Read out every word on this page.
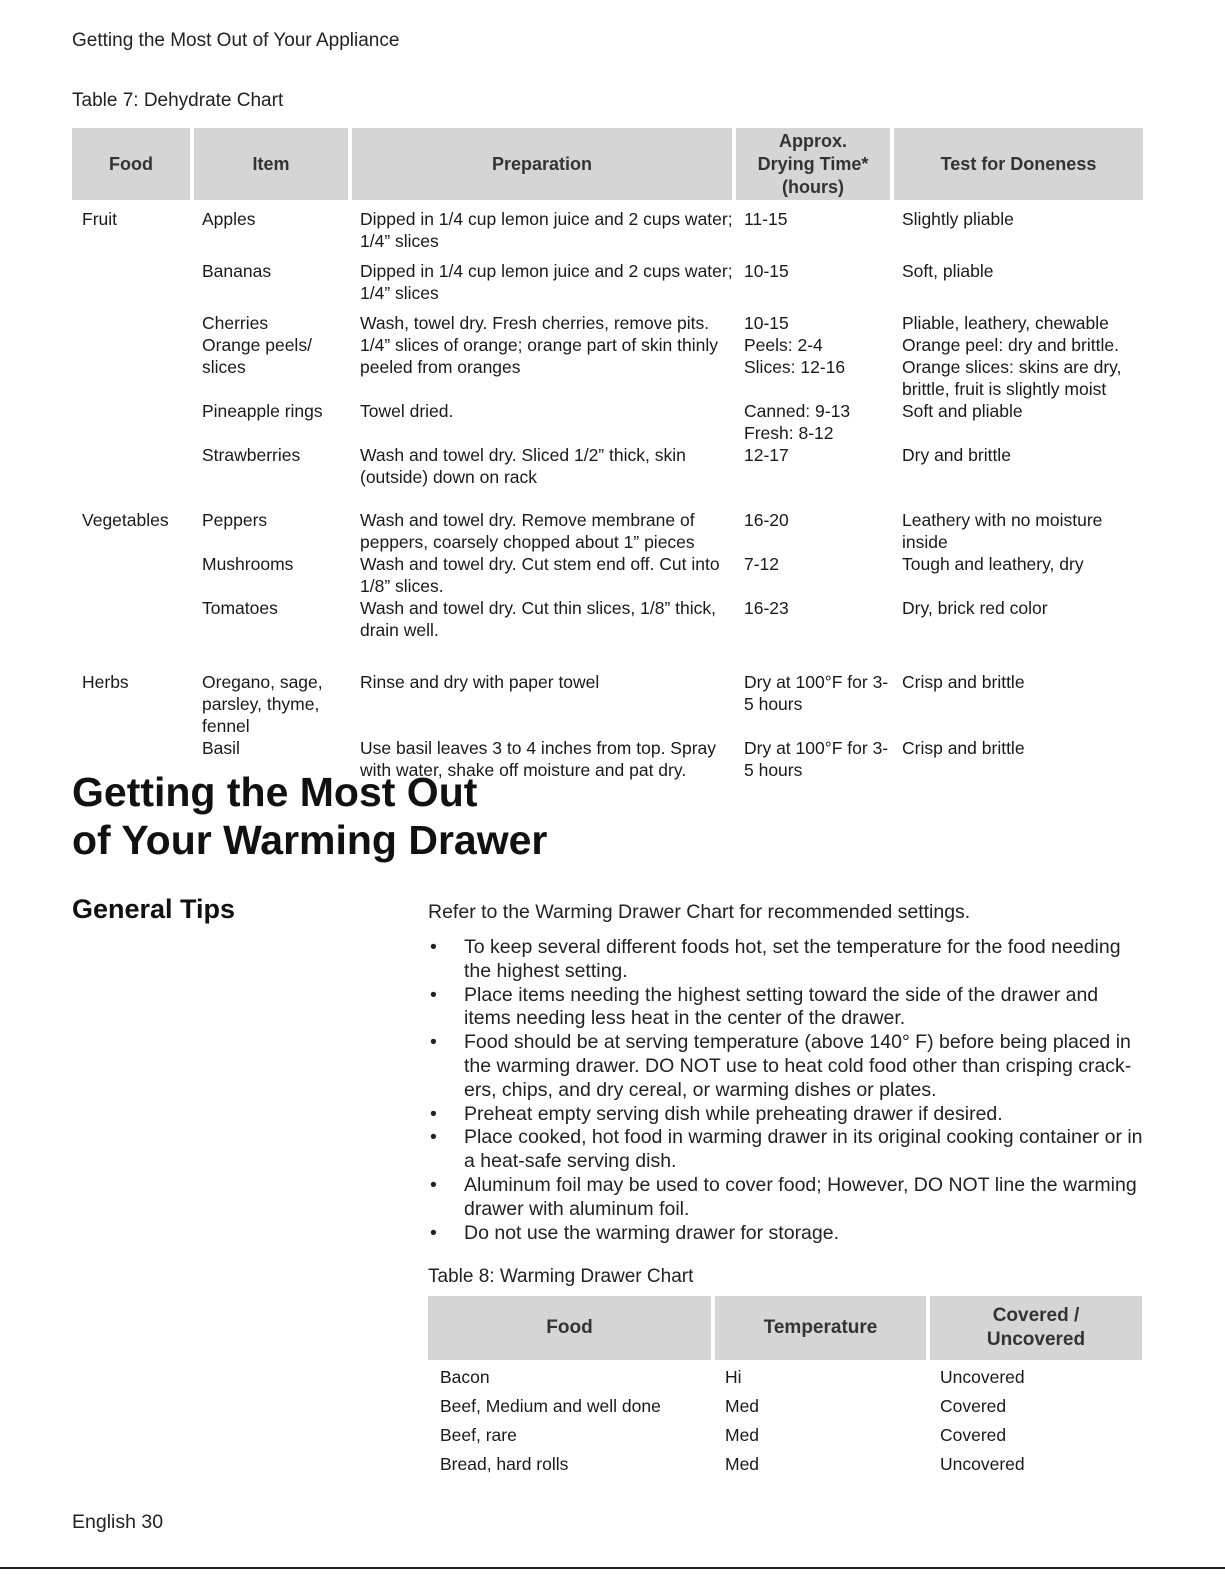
Getting the Most Out of Your Appliance
Table 7: Dehydrate Chart
Food	Item	Preparation	Approx. Drying Time* (hours)	Test for Doneness
Fruit	Apples	Dipped in 1/4 cup lemon juice and 2 cups water; 1/4” slices	11-15	Slightly pliable
	Bananas	Dipped in 1/4 cup lemon juice and 2 cups water; 1/4” slices	10-15	Soft, pliable
	Cherries	Wash, towel dry. Fresh cherries, remove pits.	10-15	Pliable, leathery, chewable
	Orange peels/ slices	1/4” slices of orange; orange part of skin thinly peeled from oranges	Peels: 2-4 Slices: 12-16	Orange peel: dry and brittle. Orange slices: skins are dry, brittle, fruit is slightly moist
	Pineapple rings	Towel dried.	Canned: 9-13 Fresh: 8-12	Soft and pliable
	Strawberries	Wash and towel dry. Sliced 1/2” thick, skin (outside) down on rack	12-17	Dry and brittle
Vegetables	Peppers	Wash and towel dry. Remove membrane of peppers, coarsely chopped about 1” pieces	16-20	Leathery with no moisture inside
	Mushrooms	Wash and towel dry. Cut stem end off. Cut into 1/8” slices.	7-12	Tough and leathery, dry
	Tomatoes	Wash and towel dry. Cut thin slices, 1/8” thick, drain well.	16-23	Dry, brick red color
Herbs	Oregano, sage, parsley, thyme, fennel	Rinse and dry with paper towel	Dry at 100°F for 3-5 hours	Crisp and brittle
	Basil	Use basil leaves 3 to 4 inches from top. Spray with water, shake off moisture and pat dry.	Dry at 100°F for 3-5 hours	Crisp and brittle
Getting the Most Out
of Your Warming Drawer
General Tips	Refer to the Warming Drawer Chart for recommended settings.
• To keep several different foods hot, set the temperature for the food needing the highest setting.
• Place items needing the highest setting toward the side of the drawer and items needing less heat in the center of the drawer.
• Food should be at serving temperature (above 140° F) before being placed in the warming drawer. DO NOT use to heat cold food other than crisping crack-ers, chips, and dry cereal, or warming dishes or plates.
• Preheat empty serving dish while preheating drawer if desired.
• Place cooked, hot food in warming drawer in its original cooking container or in a heat-safe serving dish.
• Aluminum foil may be used to cover food; However, DO NOT line the warming drawer with aluminum foil.
• Do not use the warming drawer for storage.
Table 8: Warming Drawer Chart
Food	Temperature	Covered / Uncovered
Bacon	Hi	Uncovered
Beef, Medium and well done	Med	Covered
Beef, rare	Med	Covered
Bread, hard rolls	Med	Uncovered
English 30
